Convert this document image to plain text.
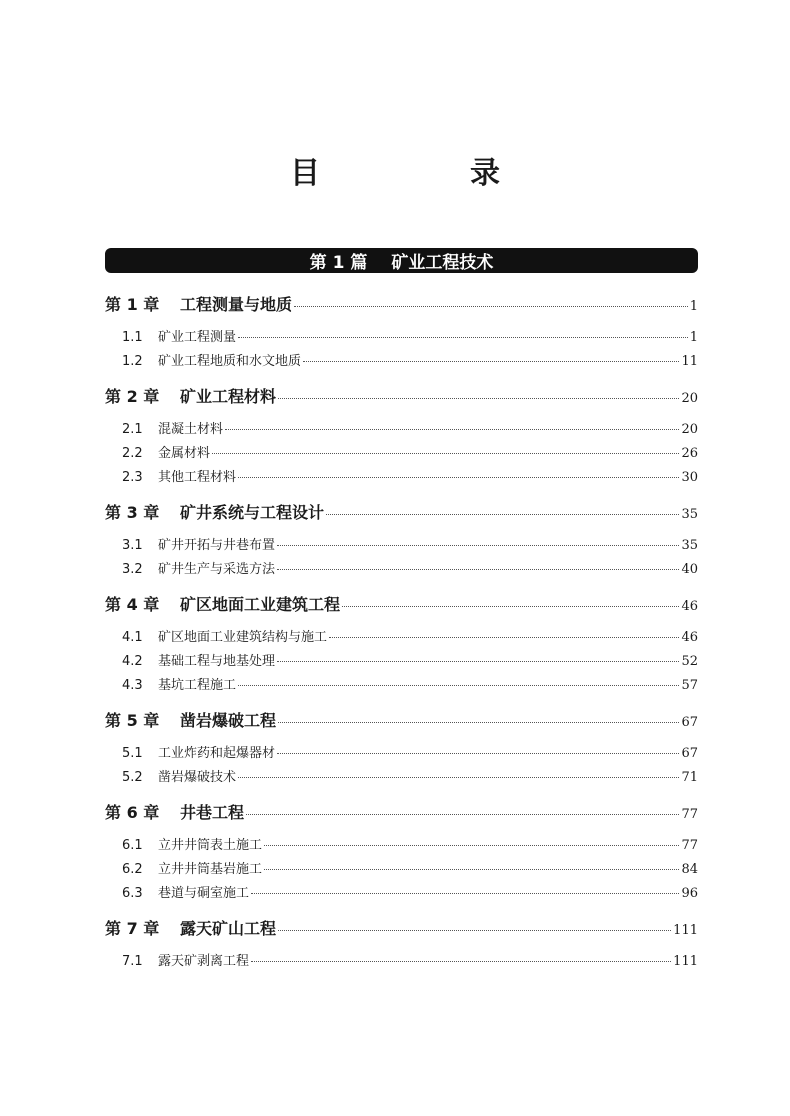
目　录
第 1 篇 矿业工程技术
第 1 章	工程测量与地质	1
1.1	矿业工程测量	1
1.2	矿业工程地质和水文地质	11
第 2 章	矿业工程材料	20
2.1	混凝土材料	20
2.2	金属材料	26
2.3	其他工程材料	30
第 3 章	矿井系统与工程设计	35
3.1	矿井开拓与井巷布置	35
3.2	矿井生产与采选方法	40
第 4 章	矿区地面工业建筑工程	46
4.1	矿区地面工业建筑结构与施工	46
4.2	基础工程与地基处理	52
4.3	基坑工程施工	57
第 5 章	凿岩爆破工程	67
5.1	工业炸药和起爆器材	67
5.2	凿岩爆破技术	71
第 6 章	井巷工程	77
6.1	立井井筒表土施工	77
6.2	立井井筒基岩施工	84
6.3	巷道与硐室施工	96
第 7 章	露天矿山工程	111
7.1	露天矿剥离工程	111
